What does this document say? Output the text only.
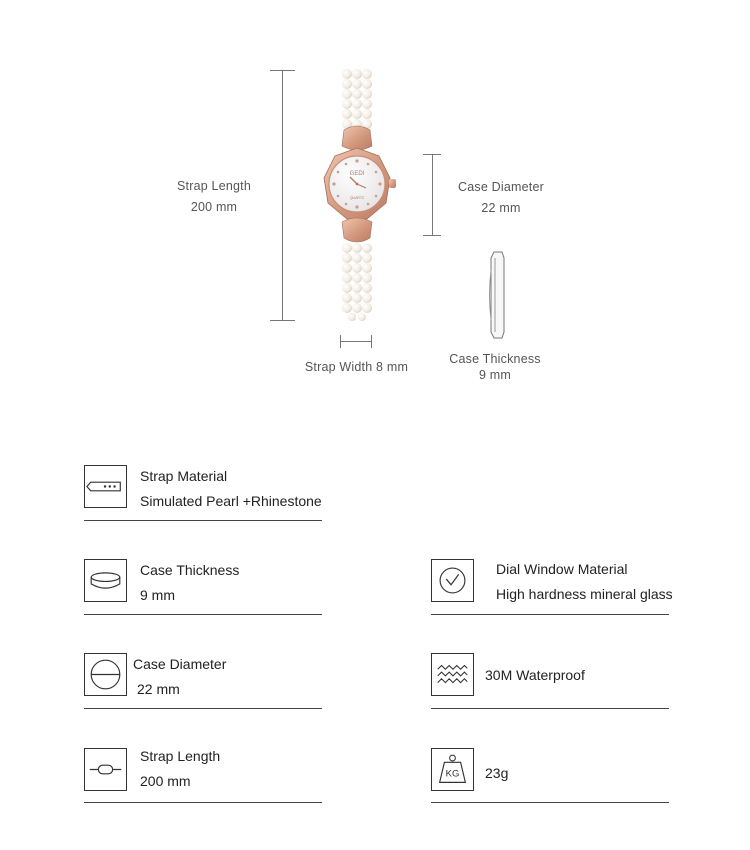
Strap Length
200 mm
GEDI
QUARTZ
Case Diameter
22 mm
Strap Width 8 mm
Case Thickness
9 mm
Strap Material
Simulated Pearl +Rhinestone
Case Thickness
9 mm
Dial Window Material
High hardness mineral glass
Case Diameter
22 mm
30M Waterproof
Strap Length
200 mm	KG 23g
